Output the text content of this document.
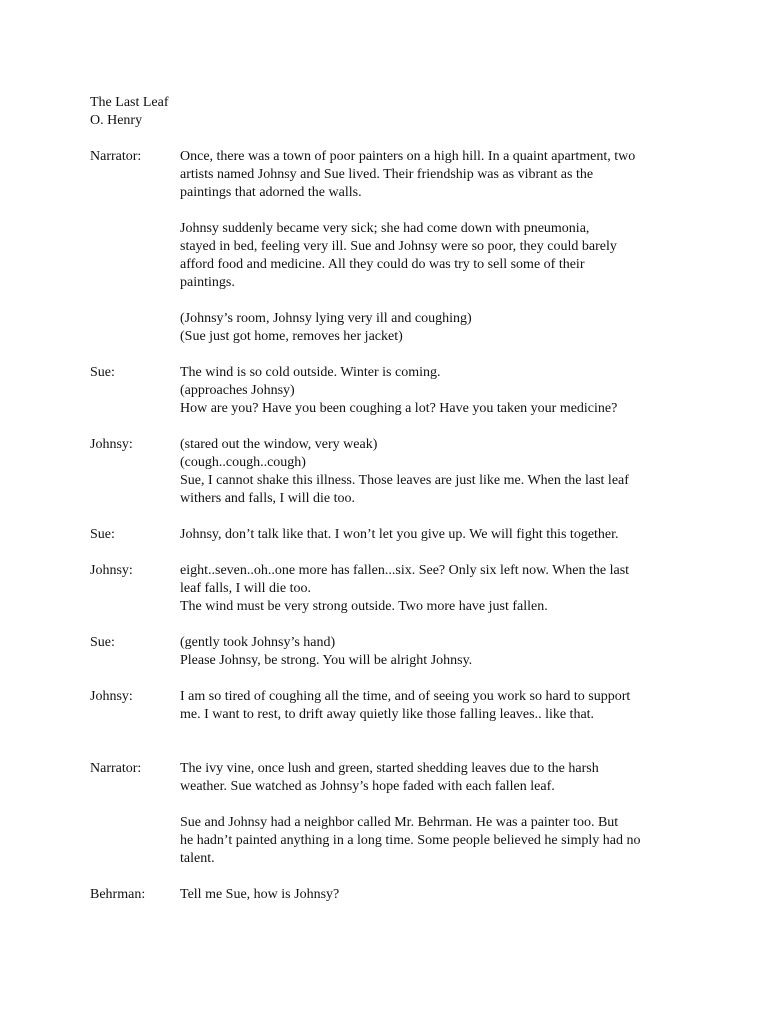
The Last Leaf
O. Henry
Narrator:	Once, there was a town of poor painters on a high hill. In a quaint apartment, two
artists named Johnsy and Sue lived. Their friendship was as vibrant as the
paintings that adorned the walls.
Johnsy suddenly became very sick; she had come down with pneumonia,
stayed in bed, feeling very ill. Sue and Johnsy were so poor, they could barely
afford food and medicine. All they could do was try to sell some of their
paintings.
(Johnsy’s room, Johnsy lying very ill and coughing)
(Sue just got home, removes her jacket)
Sue:	The wind is so cold outside. Winter is coming.
(approaches Johnsy)
How are you? Have you been coughing a lot? Have you taken your medicine?
Johnsy:	(stared out the window, very weak)
(cough..cough..cough)
Sue, I cannot shake this illness. Those leaves are just like me. When the last leaf
withers and falls, I will die too.
Sue:	Johnsy, don’t talk like that. I won’t let you give up. We will fight this together.
Johnsy:	eight..seven..oh..one more has fallen...six. See? Only six left now. When the last
leaf falls, I will die too.
The wind must be very strong outside. Two more have just fallen.
Sue:	(gently took Johnsy’s hand)
Please Johnsy, be strong. You will be alright Johnsy.
Johnsy:	I am so tired of coughing all the time, and of seeing you work so hard to support
me. I want to rest, to drift away quietly like those falling leaves.. like that.
Narrator:	The ivy vine, once lush and green, started shedding leaves due to the harsh
weather. Sue watched as Johnsy’s hope faded with each fallen leaf.
Sue and Johnsy had a neighbor called Mr. Behrman. He was a painter too. But
he hadn’t painted anything in a long time. Some people believed he simply had no
talent.
Behrman:	Tell me Sue, how is Johnsy?
